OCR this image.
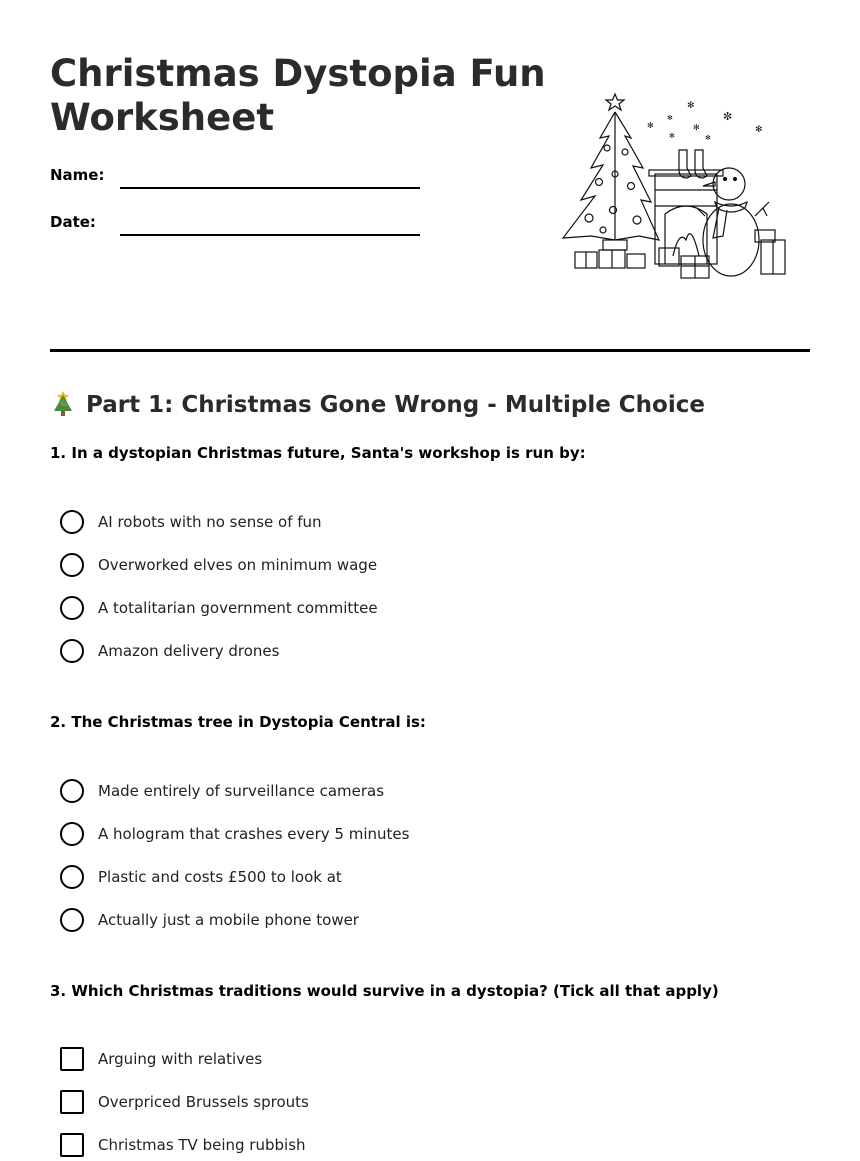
Christmas Dystopia Fun Worksheet
Name:
Date:
✻
✼
✻
✻
✻
✻
✻
✻
Part 1: Christmas Gone Wrong - Multiple Choice

1. In a dystopian Christmas future, Santa's workshop is run by:

AI robots with no sense of fun
Overworked elves on minimum wage
A totalitarian government committee
Amazon delivery drones

2. The Christmas tree in Dystopia Central is:

Made entirely of surveillance cameras
A hologram that crashes every 5 minutes
Plastic and costs £500 to look at
Actually just a mobile phone tower

3. Which Christmas traditions would survive in a dystopia? (Tick all that apply)

Arguing with relatives
Overpriced Brussels sprouts
Christmas TV being rubbish
